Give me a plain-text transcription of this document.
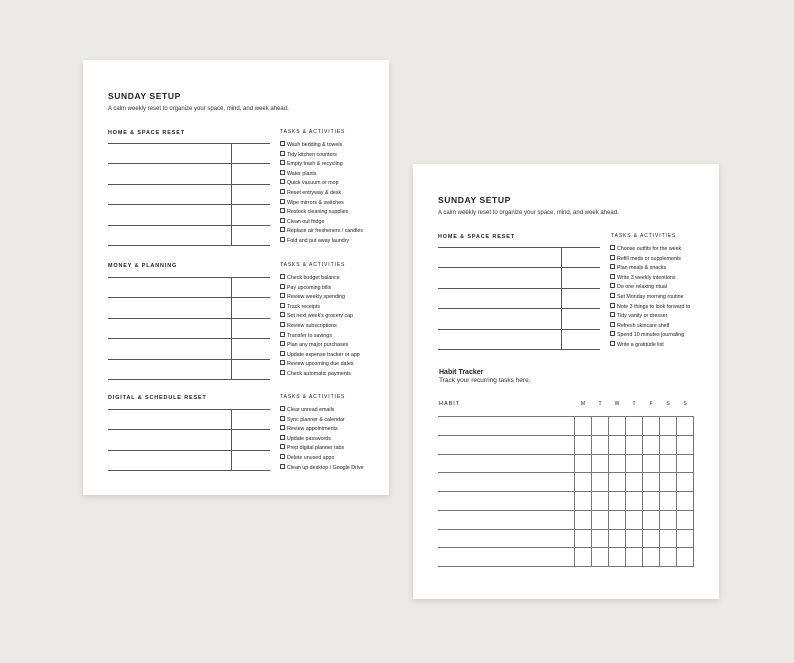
SUNDAY SETUP
A calm weekly reset to organize your space, mind, and week ahead.
HOME & SPACE RESET	TASKS & ACTIVITIES
Wash bedding & towels
Tidy kitchen counters
Empty trash & recycling
Water plants
Quick vacuum or mop
Reset entryway & desk
Wipe mirrors & switches
Restock cleaning supplies
Clean out fridge
Replace air fresheners / candles
Fold and put away laundry
MONEY & PLANNING	TASKS & ACTIVITIES
Check budget balance
Pay upcoming bills
Review weekly spending
Track receipts
Set next week's grocery cap
Review subscriptions
Transfer to savings
Plan any major purchases
Update expense tracker or app
Review upcoming due dates
Check automatic payments
DIGITAL & SCHEDULE RESET	TASKS & ACTIVITIES
Clear unread emails
Sync planner & calendar
Review appointments
Update passwords
Prep digital planner tabs
Delete unused apps
Clean up desktop / Google Drive
SUNDAY SETUP
A calm weekly reset to organize your space, mind, and week ahead.
HOME & SPACE RESET	TASKS & ACTIVITIES
Choose outfits for the week
Refill meds or supplements
Plan meals & snacks
Write 3 weekly intentions
Do one relaxing ritual
Set Monday morning routine
Note 3 things to look forward to
Tidy vanity or dresser
Refresh skincare shelf
Spend 10 minutes journaling
Write a gratitude list
Habit Tracker
Track your recurring tasks here.
HABIT	M	T	W	T	F	S	S
